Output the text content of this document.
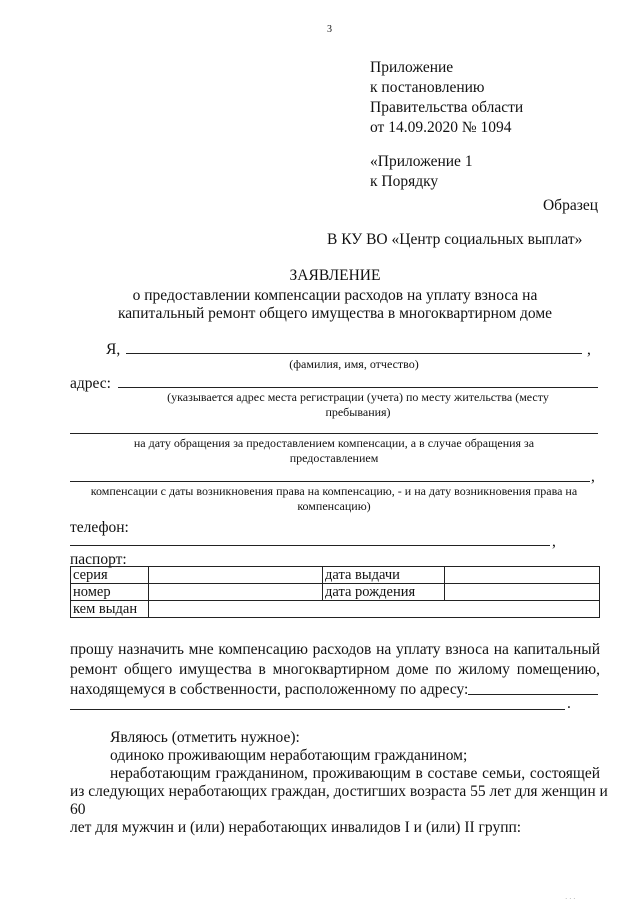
3
Приложение
к постановлению
Правительства области
от 14.09.2020 № 1094
«Приложение 1
к Порядку
Образец
В КУ ВО «Центр социальных выплат»
ЗАЯВЛЕНИЕ
о предоставлении компенсации расходов на уплату взноса на
капитальный ремонт общего имущества в многоквартирном доме
Я,	,
(фамилия, имя, отчество)
адрес:
(указывается адрес места регистрации (учета) по месту жительства (месту
пребывания)
на дату обращения за предоставлением компенсации, а в случае обращения за
предоставлением
,
компенсации с даты возникновения права на компенсацию, - и на дату возникновения права на
компенсацию)
телефон:
,
паспорт:
серия		дата выдачи	
номер		дата рождения	
кем выдан			
прошу назначить мне компенсацию расходов на уплату взноса на капитальный
ремонт общего имущества в многоквартирном доме по жилому помещению,
находящемуся в собственности, расположенному по адресу:
.
Являюсь (отметить нужное):
одиноко проживающим неработающим гражданином;
неработающим гражданином, проживающим в составе семьи, состоящей
из следующих неработающих граждан, достигших возраста 55 лет для женщин и
60
лет для мужчин и (или) неработающих инвалидов I и (или) II групп:
· · ·
